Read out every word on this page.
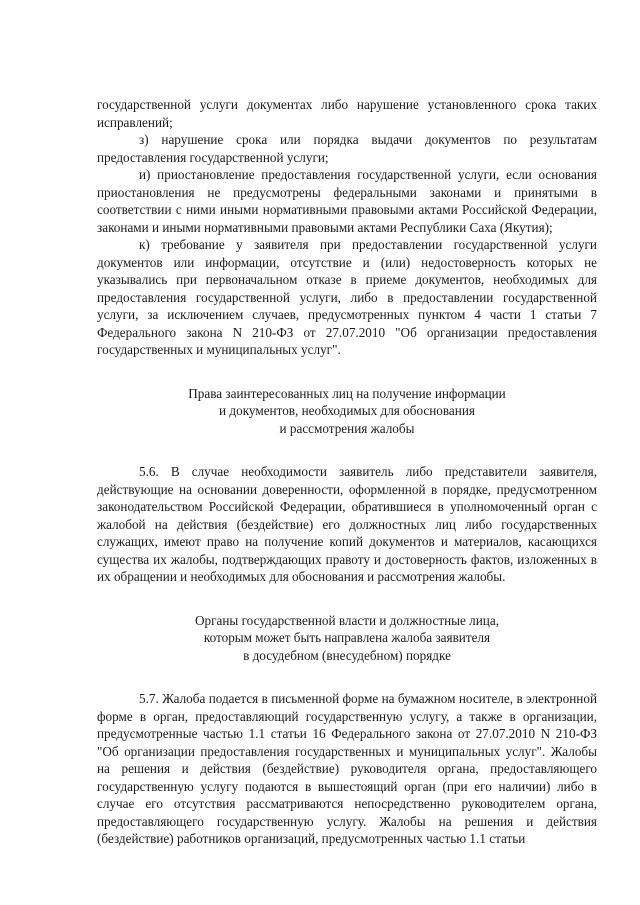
государственной услуги документах либо нарушение установленного срока таких исправлений;

з) нарушение срока или порядка выдачи документов по результатам предоставления государственной услуги;

и) приостановление предоставления государственной услуги, если основания приостановления не предусмотрены федеральными законами и принятыми в соответствии с ними иными нормативными правовыми актами Российской Федерации, законами и иными нормативными правовыми актами Республики Саха (Якутия);

к) требование у заявителя при предоставлении государственной услуги документов или информации, отсутствие и (или) недостоверность которых не указывались при первоначальном отказе в приеме документов, необходимых для предоставления государственной услуги, либо в предоставлении государственной услуги, за исключением случаев, предусмотренных пунктом 4 части 1 статьи 7 Федерального закона N 210-ФЗ от 27.07.2010 "Об организации предоставления государственных и муниципальных услуг".

Права заинтересованных лиц на получение информации
и документов, необходимых для обоснования
и рассмотрения жалобы

5.6. В случае необходимости заявитель либо представители заявителя, действующие на основании доверенности, оформленной в порядке, предусмотренном законодательством Российской Федерации, обратившиеся в уполномоченный орган с жалобой на действия (бездействие) его должностных лиц либо государственных служащих, имеют право на получение копий документов и материалов, касающихся существа их жалобы, подтверждающих правоту и достоверность фактов, изложенных в их обращении и необходимых для обоснования и рассмотрения жалобы.

Органы государственной власти и должностные лица,
которым может быть направлена жалоба заявителя
в досудебном (внесудебном) порядке

5.7. Жалоба подается в письменной форме на бумажном носителе, в электронной форме в орган, предоставляющий государственную услугу, а также в организации, предусмотренные частью 1.1 статьи 16 Федерального закона от 27.07.2010 N 210-ФЗ "Об организации предоставления государственных и муниципальных услуг". Жалобы на решения и действия (бездействие) руководителя органа, предоставляющего государственную услугу подаются в вышестоящий орган (при его наличии) либо в случае его отсутствия рассматриваются непосредственно руководителем органа, предоставляющего государственную услугу. Жалобы на решения и действия (бездействие) работников организаций, предусмотренных частью 1.1 статьи
